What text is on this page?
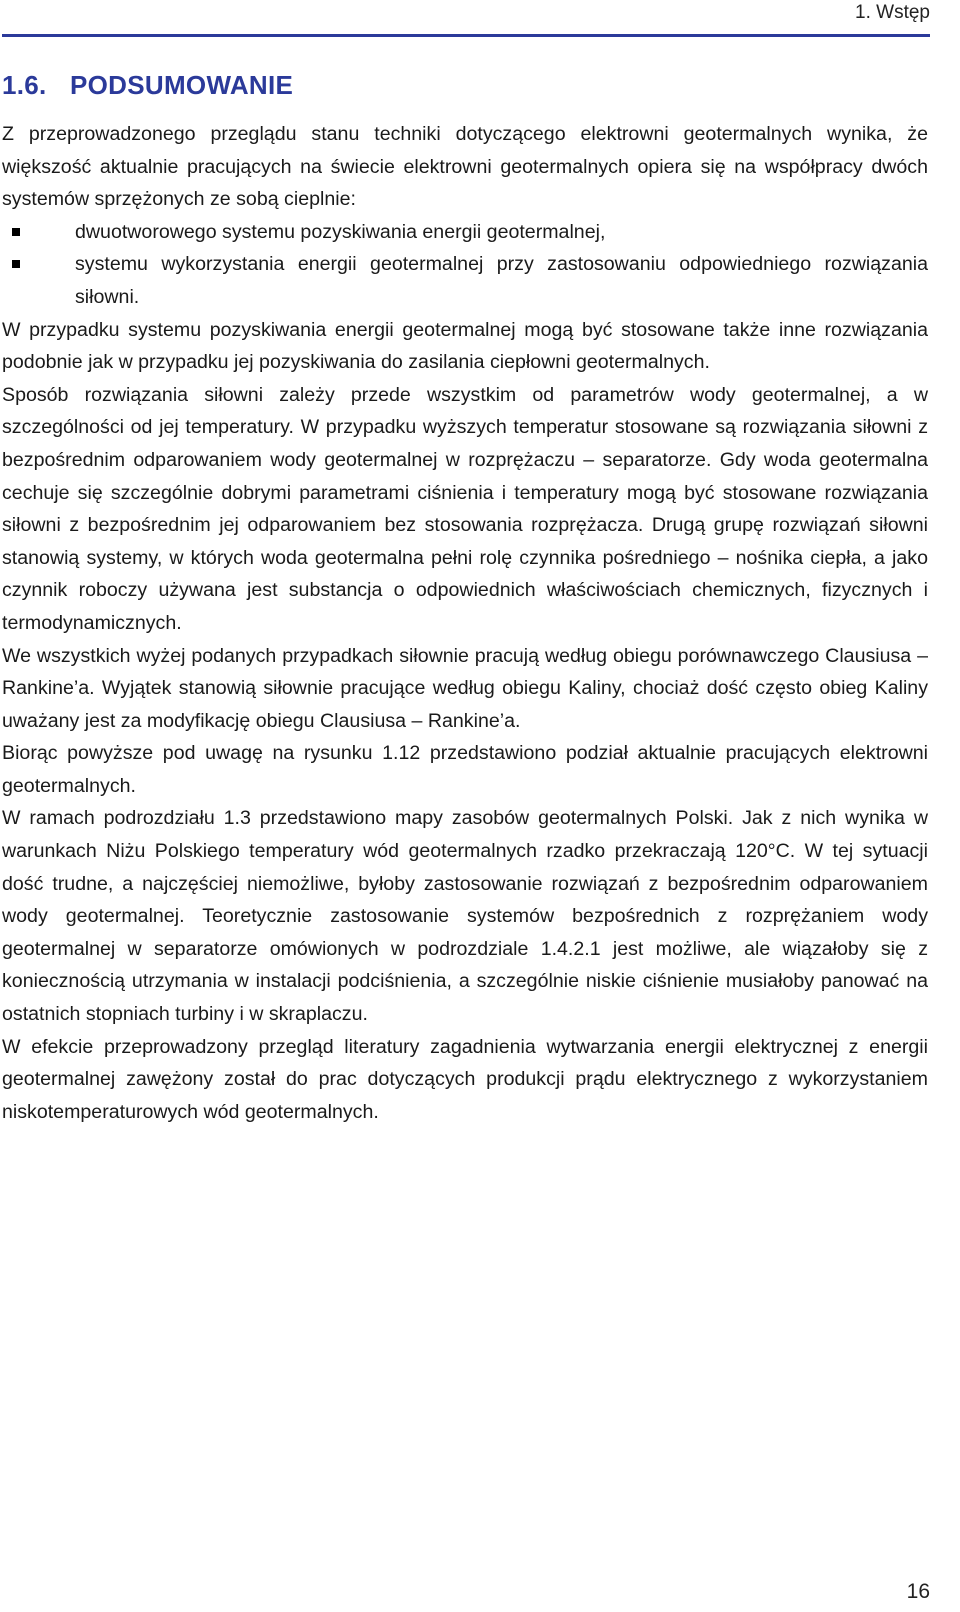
1. Wstęp
1.6. PODSUMOWANIE

Z przeprowadzonego przeglądu stanu techniki dotyczącego elektrowni geotermalnych wynika, że większość aktualnie pracujących na świecie elektrowni geotermalnych opiera się na współpracy dwóch systemów sprzężonych ze sobą cieplnie:

dwuotworowego systemu pozyskiwania energii geotermalnej,
systemu wykorzystania energii geotermalnej przy zastosowaniu odpowiedniego rozwiązania siłowni.

W przypadku systemu pozyskiwania energii geotermalnej mogą być stosowane także inne rozwiązania podobnie jak w przypadku jej pozyskiwania do zasilania ciepłowni geotermalnych.

Sposób rozwiązania siłowni zależy przede wszystkim od parametrów wody geotermalnej, a w szczególności od jej temperatury. W przypadku wyższych temperatur stosowane są rozwiązania siłowni z bezpośrednim odparowaniem wody geotermalnej w rozprężaczu – separatorze. Gdy woda geotermalna cechuje się szczególnie dobrymi parametrami ciśnienia i temperatury mogą być stosowane rozwiązania siłowni z bezpośrednim jej odparowaniem bez stosowania rozprężacza. Drugą grupę rozwiązań siłowni stanowią systemy, w których woda geotermalna pełni rolę czynnika pośredniego – nośnika ciepła, a jako czynnik roboczy używana jest substancja o odpowiednich właściwościach chemicznych, fizycznych i termodynamicznych.

We wszystkich wyżej podanych przypadkach siłownie pracują według obiegu porównawczego Clausiusa – Rankine’a. Wyjątek stanowią siłownie pracujące według obiegu Kaliny, chociaż dość często obieg Kaliny uważany jest za modyfikację obiegu Clausiusa – Rankine’a.

Biorąc powyższe pod uwagę na rysunku 1.12 przedstawiono podział aktualnie pracujących elektrowni geotermalnych.

W ramach podrozdziału 1.3 przedstawiono mapy zasobów geotermalnych Polski. Jak z nich wynika w warunkach Niżu Polskiego temperatury wód geotermalnych rzadko przekraczają 120°C. W tej sytuacji dość trudne, a najczęściej niemożliwe, byłoby zastosowanie rozwiązań z bezpośrednim odparowaniem wody geotermalnej. Teoretycznie zastosowanie systemów bezpośrednich z rozprężaniem wody geotermalnej w separatorze omówionych w podrozdziale 1.4.2.1 jest możliwe, ale wiązałoby się z koniecznością utrzymania w instalacji podciśnienia, a szczególnie niskie ciśnienie musiałoby panować na ostatnich stopniach turbiny i w skraplaczu.

W efekcie przeprowadzony przegląd literatury zagadnienia wytwarzania energii elektrycznej z energii geotermalnej zawężony został do prac dotyczących produkcji prądu elektrycznego z wykorzystaniem niskotemperaturowych wód geotermalnych.

16
